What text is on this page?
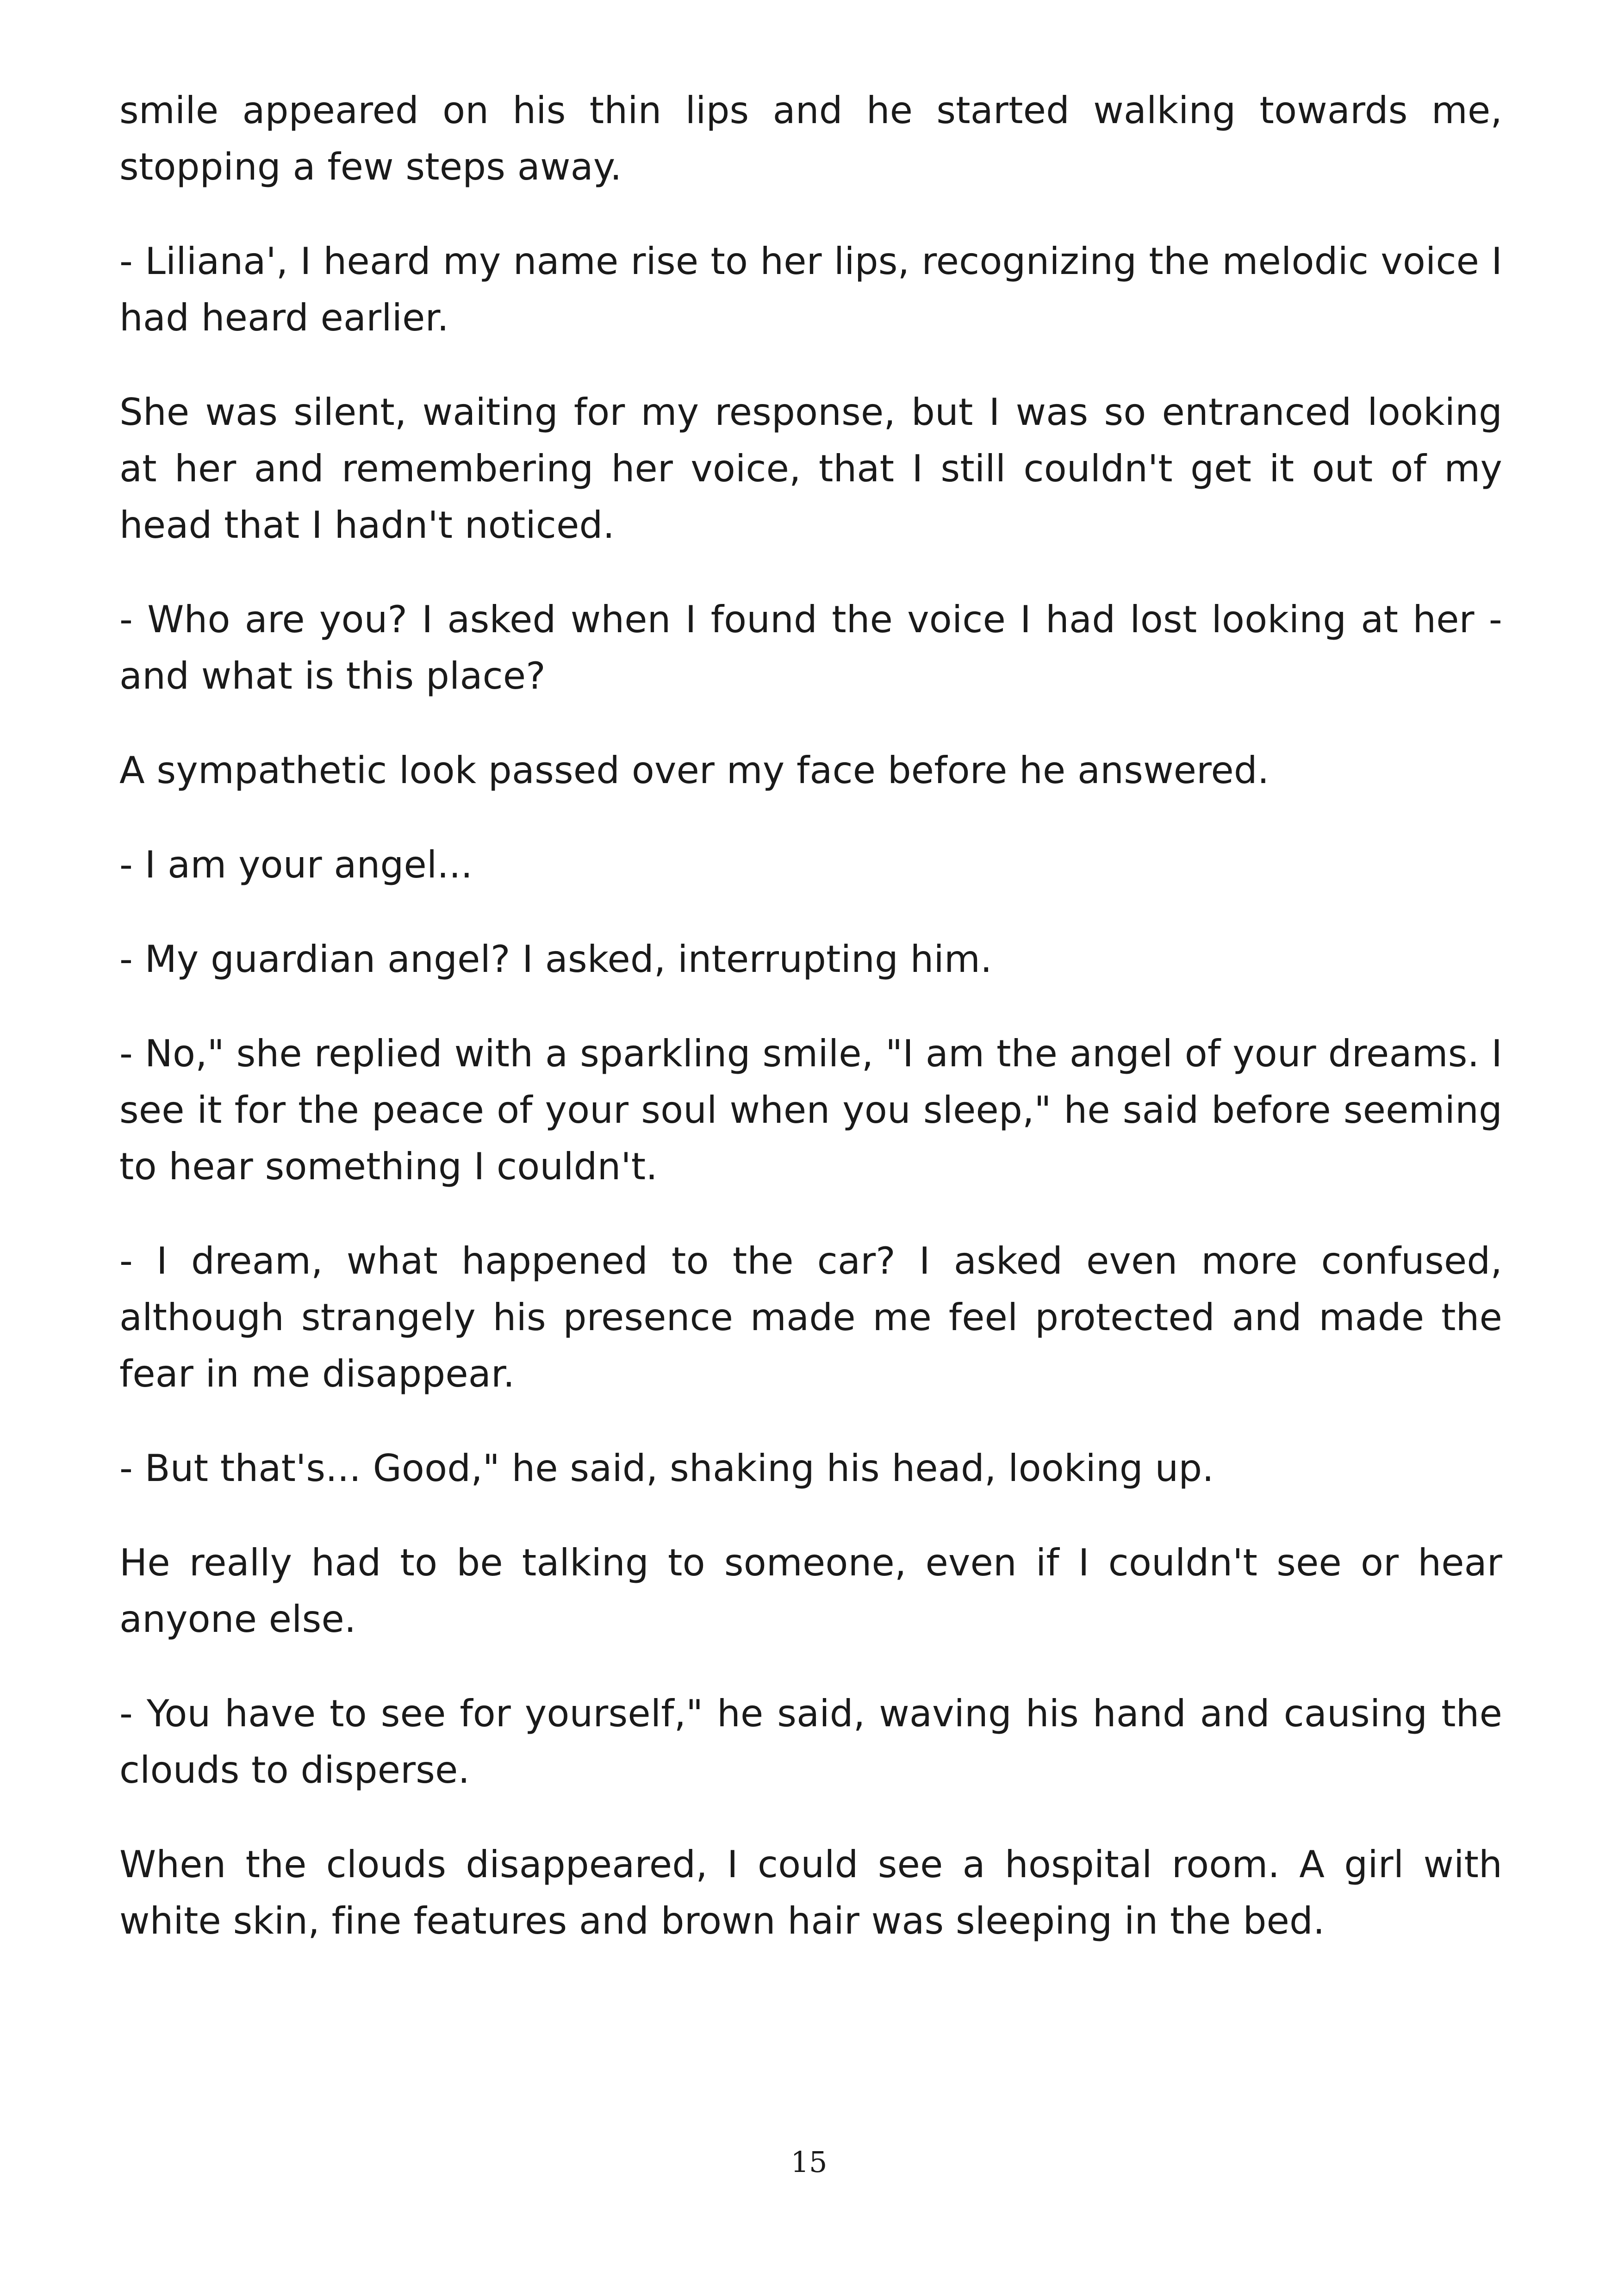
smile appeared on his thin lips and he started walking towards me, stopping a few steps away.

- Liliana', I heard my name rise to her lips, recognizing the melodic voice I had heard earlier.

She was silent, waiting for my response, but I was so entranced looking at her and remembering her voice, that I still couldn't get it out of my head that I hadn't noticed.

- Who are you? I asked when I found the voice I had lost looking at her - and what is this place?

A sympathetic look passed over my face before he answered.

- I am your angel...

- My guardian angel? I asked, interrupting him.

- No," she replied with a sparkling smile, "I am the angel of your dreams. I see it for the peace of your soul when you sleep," he said before seeming to hear something I couldn't.

- I dream, what happened to the car? I asked even more confused, although strangely his presence made me feel protected and made the fear in me disappear.

- But that's... Good," he said, shaking his head, looking up.

He really had to be talking to someone, even if I couldn't see or hear anyone else.

- You have to see for yourself," he said, waving his hand and causing the clouds to disperse.

When the clouds disappeared, I could see a hospital room. A girl with white skin, fine features and brown hair was sleeping in the bed.

15
